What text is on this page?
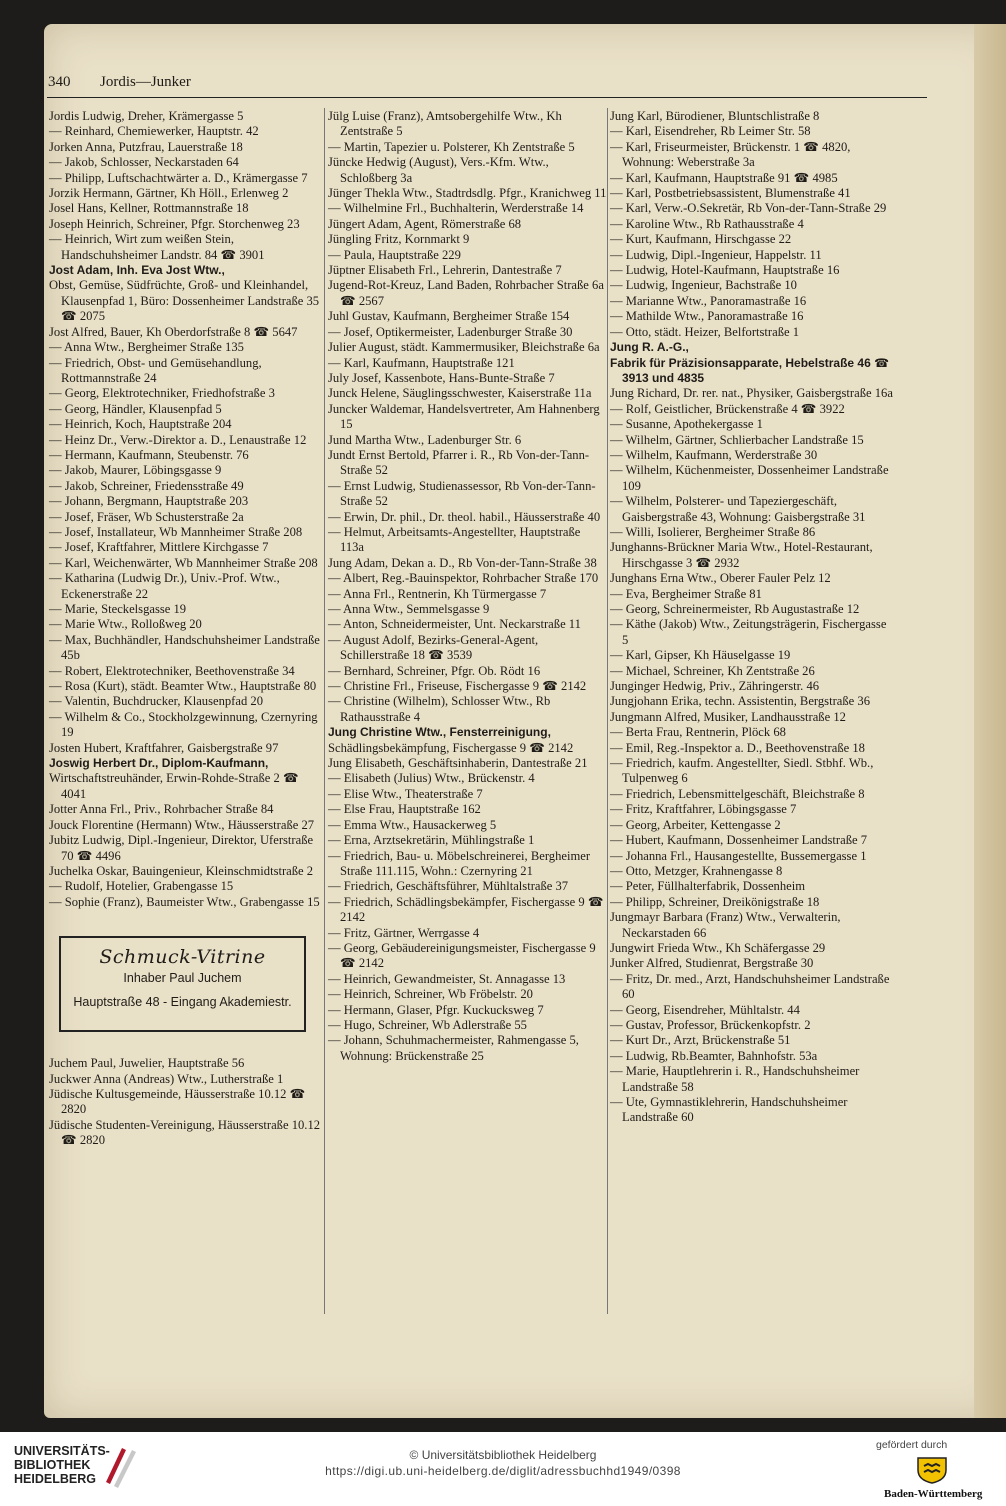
340 Jordis—Junker

Jordis Ludwig, Dreher, Krämergasse 5

— Reinhard, Chemiewerker, Hauptstr. 42

Jorken Anna, Putzfrau, Lauerstraße 18

— Jakob, Schlosser, Neckarstaden 64

— Philipp, Luftschachtwärter a. D., Krämergasse 7

Jorzik Hermann, Gärtner, Kh Höll., Erlenweg 2

Josel Hans, Kellner, Rottmannstraße 18

Joseph Heinrich, Schreiner, Pfgr. Storchenweg 23

— Heinrich, Wirt zum weißen Stein, Handschuhsheimer Landstr. 84 ☎ 3901

Jost Adam, Inh. Eva Jost Wtw.,

Obst, Gemüse, Südfrüchte, Groß- und Kleinhandel, Klausenpfad 1, Büro: Dossenheimer Landstraße 35 ☎ 2075

Jost Alfred, Bauer, Kh Oberdorfstraße 8 ☎ 5647

— Anna Wtw., Bergheimer Straße 135

— Friedrich, Obst- und Gemüsehandlung, Rottmannstraße 24

— Georg, Elektrotechniker, Friedhofstraße 3

— Georg, Händler, Klausenpfad 5

— Heinrich, Koch, Hauptstraße 204

— Heinz Dr., Verw.-Direktor a. D., Lenaustraße 12

— Hermann, Kaufmann, Steubenstr. 76

— Jakob, Maurer, Löbingsgasse 9

— Jakob, Schreiner, Friedensstraße 49

— Johann, Bergmann, Hauptstraße 203

— Josef, Fräser, Wb Schusterstraße 2a

— Josef, Installateur, Wb Mannheimer Straße 208

— Josef, Kraftfahrer, Mittlere Kirchgasse 7

— Karl, Weichenwärter, Wb Mannheimer Straße 208

— Katharina (Ludwig Dr.), Univ.-Prof. Wtw., Eckenerstraße 22

— Marie, Steckelsgasse 19

— Marie Wtw., Rolloßweg 20

— Max, Buchhändler, Handschuhsheimer Landstraße 45b

— Robert, Elektrotechniker, Beethovenstraße 34

— Rosa (Kurt), städt. Beamter Wtw., Hauptstraße 80

— Valentin, Buchdrucker, Klausenpfad 20

— Wilhelm & Co., Stockholzgewinnung, Czernyring 19

Josten Hubert, Kraftfahrer, Gaisbergstraße 97

Joswig Herbert Dr., Diplom-Kaufmann,

Wirtschaftstreuhänder, Erwin-Rohde-Straße 2 ☎ 4041

Jotter Anna Frl., Priv., Rohrbacher Straße 84

Jouck Florentine (Hermann) Wtw., Häusserstraße 27

Jubitz Ludwig, Dipl.-Ingenieur, Direktor, Uferstraße 70 ☎ 4496

Juchelka Oskar, Bauingenieur, Kleinschmidtstraße 2

— Rudolf, Hotelier, Grabengasse 15

— Sophie (Franz), Baumeister Wtw., Grabengasse 15

Schmuck-Vitrine
Inhaber Paul Juchem
Hauptstraße 48 - Eingang Akademiestr.

Juchem Paul, Juwelier, Hauptstraße 56

Juckwer Anna (Andreas) Wtw., Lutherstraße 1

Jüdische Kultusgemeinde, Häusserstraße 10.12 ☎ 2820

Jüdische Studenten-Vereinigung, Häusserstraße 10.12 ☎ 2820

Jülg Luise (Franz), Amtsobergehilfe Wtw., Kh Zentstraße 5

— Martin, Tapezier u. Polsterer, Kh Zentstraße 5

Jüncke Hedwig (August), Vers.-Kfm. Wtw., Schloßberg 3a

Jünger Thekla Wtw., Stadtrdsdlg. Pfgr., Kranichweg 11

— Wilhelmine Frl., Buchhalterin, Werderstraße 14

Jüngert Adam, Agent, Römerstraße 68

Jüngling Fritz, Kornmarkt 9

— Paula, Hauptstraße 229

Jüptner Elisabeth Frl., Lehrerin, Dantestraße 7

Jugend-Rot-Kreuz, Land Baden, Rohrbacher Straße 6a ☎ 2567

Juhl Gustav, Kaufmann, Bergheimer Straße 154

— Josef, Optikermeister, Ladenburger Straße 30

Julier August, städt. Kammermusiker, Bleichstraße 6a

— Karl, Kaufmann, Hauptstraße 121

July Josef, Kassenbote, Hans-Bunte-Straße 7

Junck Helene, Säuglingsschwester, Kaiserstraße 11a

Juncker Waldemar, Handelsvertreter, Am Hahnenberg 15

Jund Martha Wtw., Ladenburger Str. 6

Jundt Ernst Bertold, Pfarrer i. R., Rb Von-der-Tann-Straße 52

— Ernst Ludwig, Studienassessor, Rb Von-der-Tann-Straße 52

— Erwin, Dr. phil., Dr. theol. habil., Häusserstraße 40

— Helmut, Arbeitsamts-Angestellter, Hauptstraße 113a

Jung Adam, Dekan a. D., Rb Von-der-Tann-Straße 38

— Albert, Reg.-Bauinspektor, Rohrbacher Straße 170

— Anna Frl., Rentnerin, Kh Türmergasse 7

— Anna Wtw., Semmelsgasse 9

— Anton, Schneidermeister, Unt. Neckarstraße 11

— August Adolf, Bezirks-General-Agent, Schillerstraße 18 ☎ 3539

— Bernhard, Schreiner, Pfgr. Ob. Rödt 16

— Christine Frl., Friseuse, Fischergasse 9 ☎ 2142

— Christine (Wilhelm), Schlosser Wtw., Rb Rathausstraße 4

Jung Christine Wtw., Fensterreinigung,

Schädlingsbekämpfung, Fischergasse 9 ☎ 2142

Jung Elisabeth, Geschäftsinhaberin, Dantestraße 21

— Elisabeth (Julius) Wtw., Brückenstr. 4

— Elise Wtw., Theaterstraße 7

— Else Frau, Hauptstraße 162

— Emma Wtw., Hausackerweg 5

— Erna, Arztsekretärin, Mühlingstraße 1

— Friedrich, Bau- u. Möbelschreinerei, Bergheimer Straße 111.115, Wohn.: Czernyring 21

— Friedrich, Geschäftsführer, Mühltalstraße 37

— Friedrich, Schädlingsbekämpfer, Fischergasse 9 ☎ 2142

— Fritz, Gärtner, Werrgasse 4

— Georg, Gebäudereinigungsmeister, Fischergasse 9 ☎ 2142

— Heinrich, Gewandmeister, St. Annagasse 13

— Heinrich, Schreiner, Wb Fröbelstr. 20

— Hermann, Glaser, Pfgr. Kuckucksweg 7

— Hugo, Schreiner, Wb Adlerstraße 55

— Johann, Schuhmachermeister, Rahmengasse 5, Wohnung: Brückenstraße 25

Jung Karl, Bürodiener, Bluntschlistraße 8

— Karl, Eisendreher, Rb Leimer Str. 58

— Karl, Friseurmeister, Brückenstr. 1 ☎ 4820, Wohnung: Weberstraße 3a

— Karl, Kaufmann, Hauptstraße 91 ☎ 4985

— Karl, Postbetriebsassistent, Blumenstraße 41

— Karl, Verw.-O.Sekretär, Rb Von-der-Tann-Straße 29

— Karoline Wtw., Rb Rathausstraße 4

— Kurt, Kaufmann, Hirschgasse 22

— Ludwig, Dipl.-Ingenieur, Happelstr. 11

— Ludwig, Hotel-Kaufmann, Hauptstraße 16

— Ludwig, Ingenieur, Bachstraße 10

— Marianne Wtw., Panoramastraße 16

— Mathilde Wtw., Panoramastraße 16

— Otto, städt. Heizer, Belfortstraße 1

Jung R. A.-G.,

Fabrik für Präzisionsapparate, Hebelstraße 46 ☎ 3913 und 4835

Jung Richard, Dr. rer. nat., Physiker, Gaisbergstraße 16a

— Rolf, Geistlicher, Brückenstraße 4 ☎ 3922

— Susanne, Apothekergasse 1

— Wilhelm, Gärtner, Schlierbacher Landstraße 15

— Wilhelm, Kaufmann, Werderstraße 30

— Wilhelm, Küchenmeister, Dossenheimer Landstraße 109

— Wilhelm, Polsterer- und Tapeziergeschäft, Gaisbergstraße 43, Wohnung: Gaisbergstraße 31

— Willi, Isolierer, Bergheimer Straße 86

Junghanns-Brückner Maria Wtw., Hotel-Restaurant, Hirschgasse 3 ☎ 2932

Junghans Erna Wtw., Oberer Fauler Pelz 12

— Eva, Bergheimer Straße 81

— Georg, Schreinermeister, Rb Augustastraße 12

— Käthe (Jakob) Wtw., Zeitungsträgerin, Fischergasse 5

— Karl, Gipser, Kh Häuselgasse 19

— Michael, Schreiner, Kh Zentstraße 26

Junginger Hedwig, Priv., Zähringerstr. 46

Jungjohann Erika, techn. Assistentin, Bergstraße 36

Jungmann Alfred, Musiker, Landhausstraße 12

— Berta Frau, Rentnerin, Plöck 68

— Emil, Reg.-Inspektor a. D., Beethovenstraße 18

— Friedrich, kaufm. Angestellter, Siedl. Stbhf. Wb., Tulpenweg 6

— Friedrich, Lebensmittelgeschäft, Bleichstraße 8

— Fritz, Kraftfahrer, Löbingsgasse 7

— Georg, Arbeiter, Kettengasse 2

— Hubert, Kaufmann, Dossenheimer Landstraße 7

— Johanna Frl., Hausangestellte, Bussemergasse 1

— Otto, Metzger, Krahnengasse 8

— Peter, Füllhalterfabrik, Dossenheim

— Philipp, Schreiner, Dreikönigstraße 18

Jungmayr Barbara (Franz) Wtw., Verwalterin, Neckarstaden 66

Jungwirt Frieda Wtw., Kh Schäfergasse 29

Junker Alfred, Studienrat, Bergstraße 30

— Fritz, Dr. med., Arzt, Handschuhsheimer Landstraße 60

— Georg, Eisendreher, Mühltalstr. 44

— Gustav, Professor, Brückenkopfstr. 2

— Kurt Dr., Arzt, Brückenstraße 51

— Ludwig, Rb.Beamter, Bahnhofstr. 53a

— Marie, Hauptlehrerin i. R., Handschuhsheimer Landstraße 58

— Ute, Gymnastiklehrerin, Handschuhsheimer Landstraße 60

UNIVERSITÄTS-
BIBLIOTHEK
HEIDELBERG
© Universitätsbibliothek Heidelberg
https://digi.ub.uni-heidelberg.de/diglit/adressbuchhd1949/0398
gefördert durch
Baden-Württemberg
